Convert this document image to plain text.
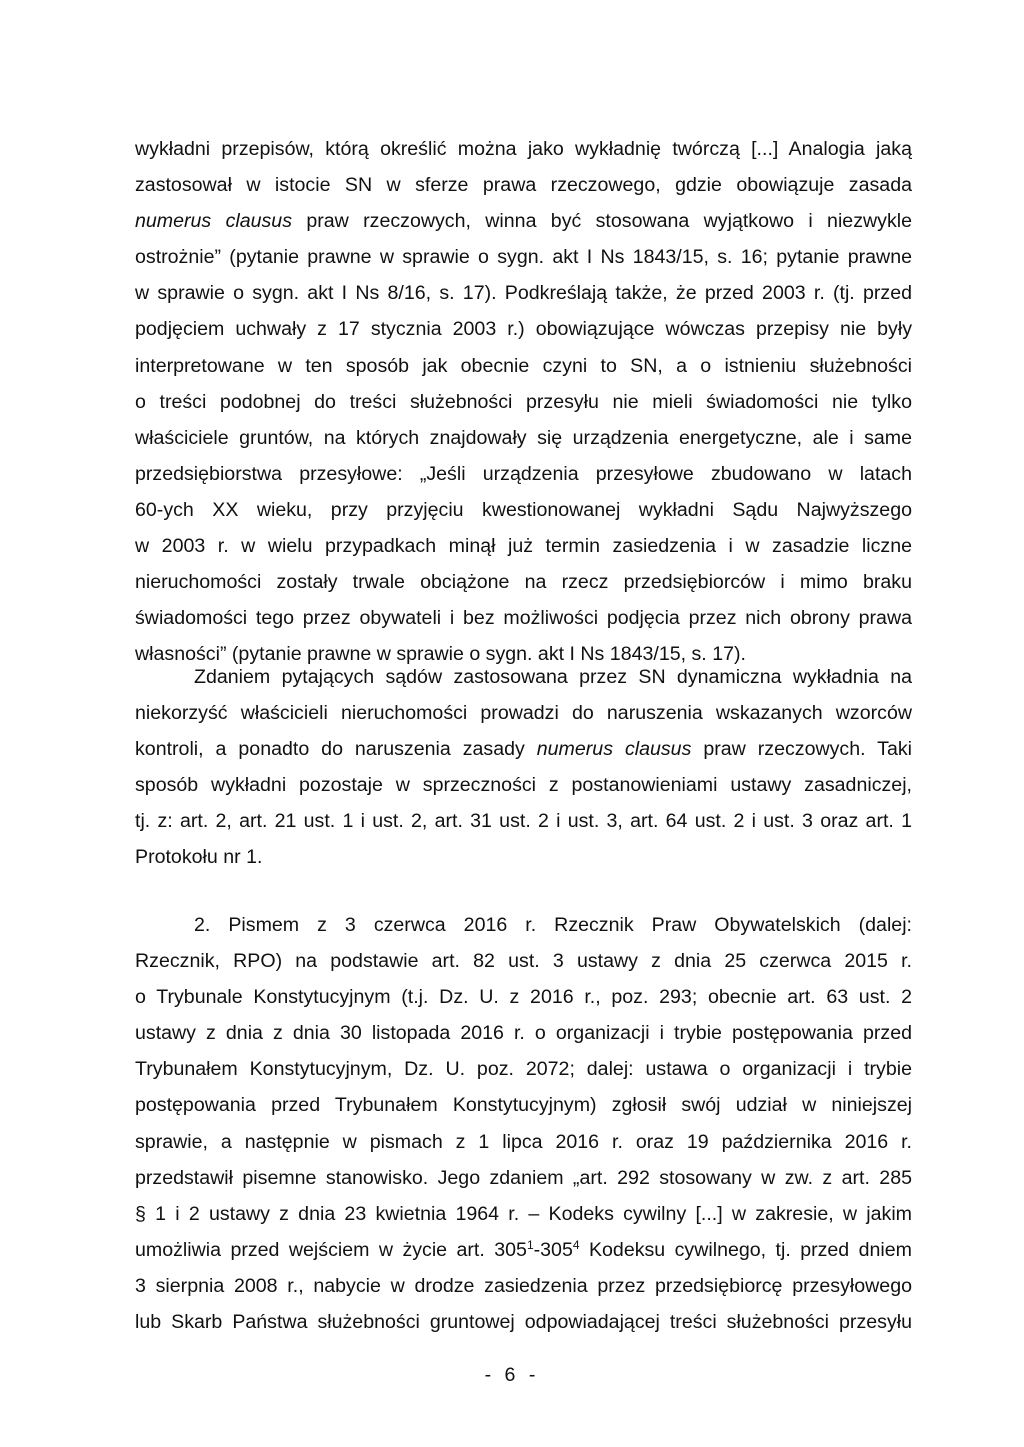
wykładni przepisów, którą określić można jako wykładnię twórczą [...] Analogia jaką
zastosował w istocie SN w sferze prawa rzeczowego, gdzie obowiązuje zasada
numerus clausus praw rzeczowych, winna być stosowana wyjątkowo i niezwykle
ostrożnie” (pytanie prawne w sprawie o sygn. akt I Ns 1843/15, s. 16; pytanie prawne
w sprawie o sygn. akt I Ns 8/16, s. 17). Podkreślają także, że przed 2003 r. (tj. przed
podjęciem uchwały z 17 stycznia 2003 r.) obowiązujące wówczas przepisy nie były
interpretowane w ten sposób jak obecnie czyni to SN, a o istnieniu służebności
o treści podobnej do treści służebności przesyłu nie mieli świadomości nie tylko
właściciele gruntów, na których znajdowały się urządzenia energetyczne, ale i same
przedsiębiorstwa przesyłowe: „Jeśli urządzenia przesyłowe zbudowano w latach
60-ych XX wieku, przy przyjęciu kwestionowanej wykładni Sądu Najwyższego
w 2003 r. w wielu przypadkach minął już termin zasiedzenia i w zasadzie liczne
nieruchomości zostały trwale obciążone na rzecz przedsiębiorców i mimo braku
świadomości tego przez obywateli i bez możliwości podjęcia przez nich obrony prawa
własności” (pytanie prawne w sprawie o sygn. akt I Ns 1843/15, s. 17).
Zdaniem pytających sądów zastosowana przez SN dynamiczna wykładnia na
niekorzyść właścicieli nieruchomości prowadzi do naruszenia wskazanych wzorców
kontroli, a ponadto do naruszenia zasady numerus clausus praw rzeczowych. Taki
sposób wykładni pozostaje w sprzeczności z postanowieniami ustawy zasadniczej,
tj. z: art. 2, art. 21 ust. 1 i ust. 2, art. 31 ust. 2 i ust. 3, art. 64 ust. 2 i ust. 3 oraz art. 1
Protokołu nr 1.
2. Pismem z 3 czerwca 2016 r. Rzecznik Praw Obywatelskich (dalej:
Rzecznik, RPO) na podstawie art. 82 ust. 3 ustawy z dnia 25 czerwca 2015 r.
o Trybunale Konstytucyjnym (t.j. Dz. U. z 2016 r., poz. 293; obecnie art. 63 ust. 2
ustawy z dnia z dnia 30 listopada 2016 r. o organizacji i trybie postępowania przed
Trybunałem Konstytucyjnym, Dz. U. poz. 2072; dalej: ustawa o organizacji i trybie
postępowania przed Trybunałem Konstytucyjnym) zgłosił swój udział w niniejszej
sprawie, a następnie w pismach z 1 lipca 2016 r. oraz 19 października 2016 r.
przedstawił pisemne stanowisko. Jego zdaniem „art. 292 stosowany w zw. z art. 285
§ 1 i 2 ustawy z dnia 23 kwietnia 1964 r. – Kodeks cywilny [...] w zakresie, w jakim
umożliwia przed wejściem w życie art. $305^1-305^4$ Kodeksu cywilnego, tj. przed dniem
3 sierpnia 2008 r., nabycie w drodze zasiedzenia przez przedsiębiorcę przesyłowego
lub Skarb Państwa służebności gruntowej odpowiadającej treści służebności przesyłu
- 6 -
